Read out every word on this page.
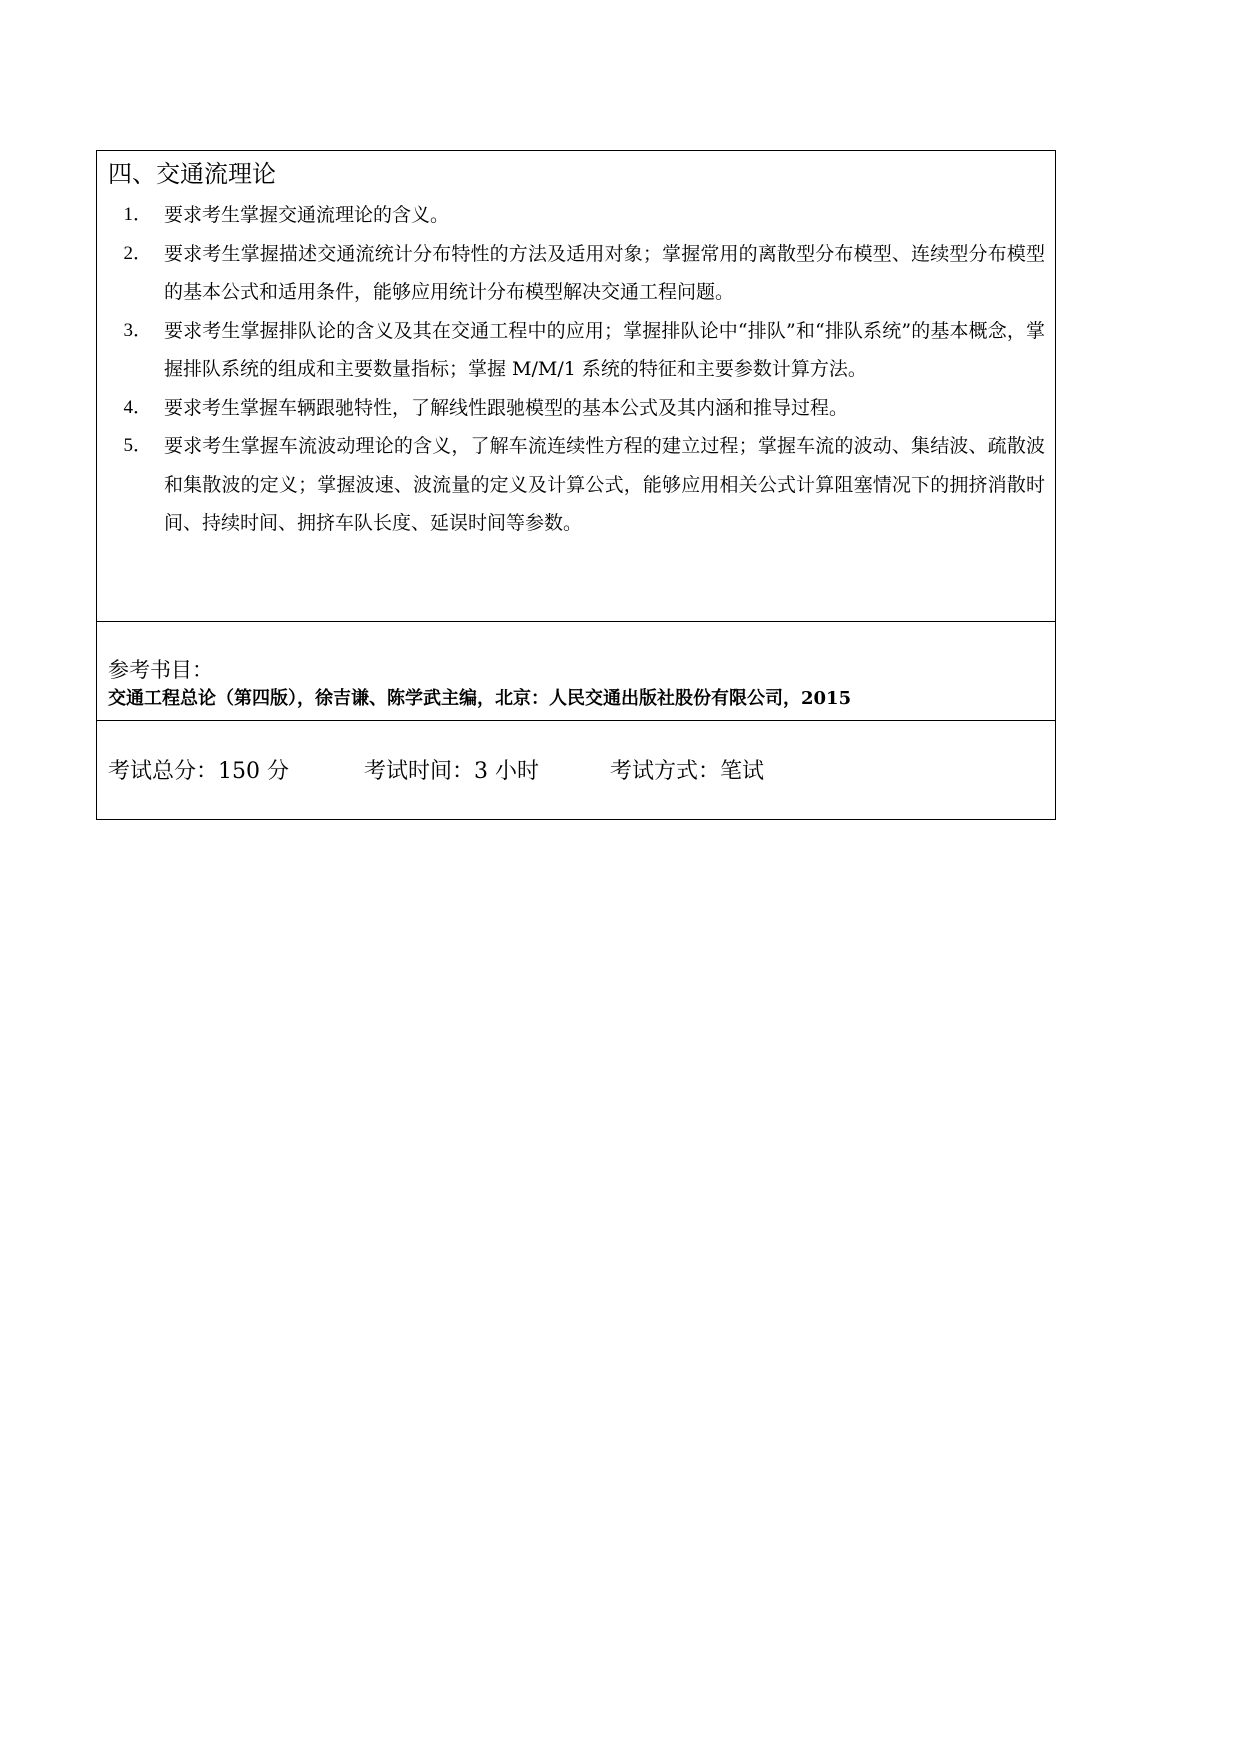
四、交通流理论
1． 要求考生掌握交通流理论的含义。
2． 要求考生掌握描述交通流统计分布特性的方法及适用对象；掌握常用的离散型分布模型、连续型分布模型的基本公式和适用条件，能够应用统计分布模型解决交通工程问题。
3． 要求考生掌握排队论的含义及其在交通工程中的应用；掌握排队论中“排队”和“排队系统”的基本概念，掌握排队系统的组成和主要数量指标；掌握 M/M/1 系统的特征和主要参数计算方法。
4． 要求考生掌握车辆跟驰特性，了解线性跟驰模型的基本公式及其内涵和推导过程。
5． 要求考生掌握车流波动理论的含义，了解车流连续性方程的建立过程；掌握车流的波动、集结波、疏散波和集散波的定义；掌握波速、波流量的定义及计算公式，能够应用相关公式计算阻塞情况下的拥挤消散时间、持续时间、拥挤车队长度、延误时间等参数。
参考书目：
交通工程总论（第四版），徐吉谦、陈学武主编，北京：人民交通出版社股份有限公司，2015
考试总分：150 分	考试时间：3 小时	考试方式：笔试
